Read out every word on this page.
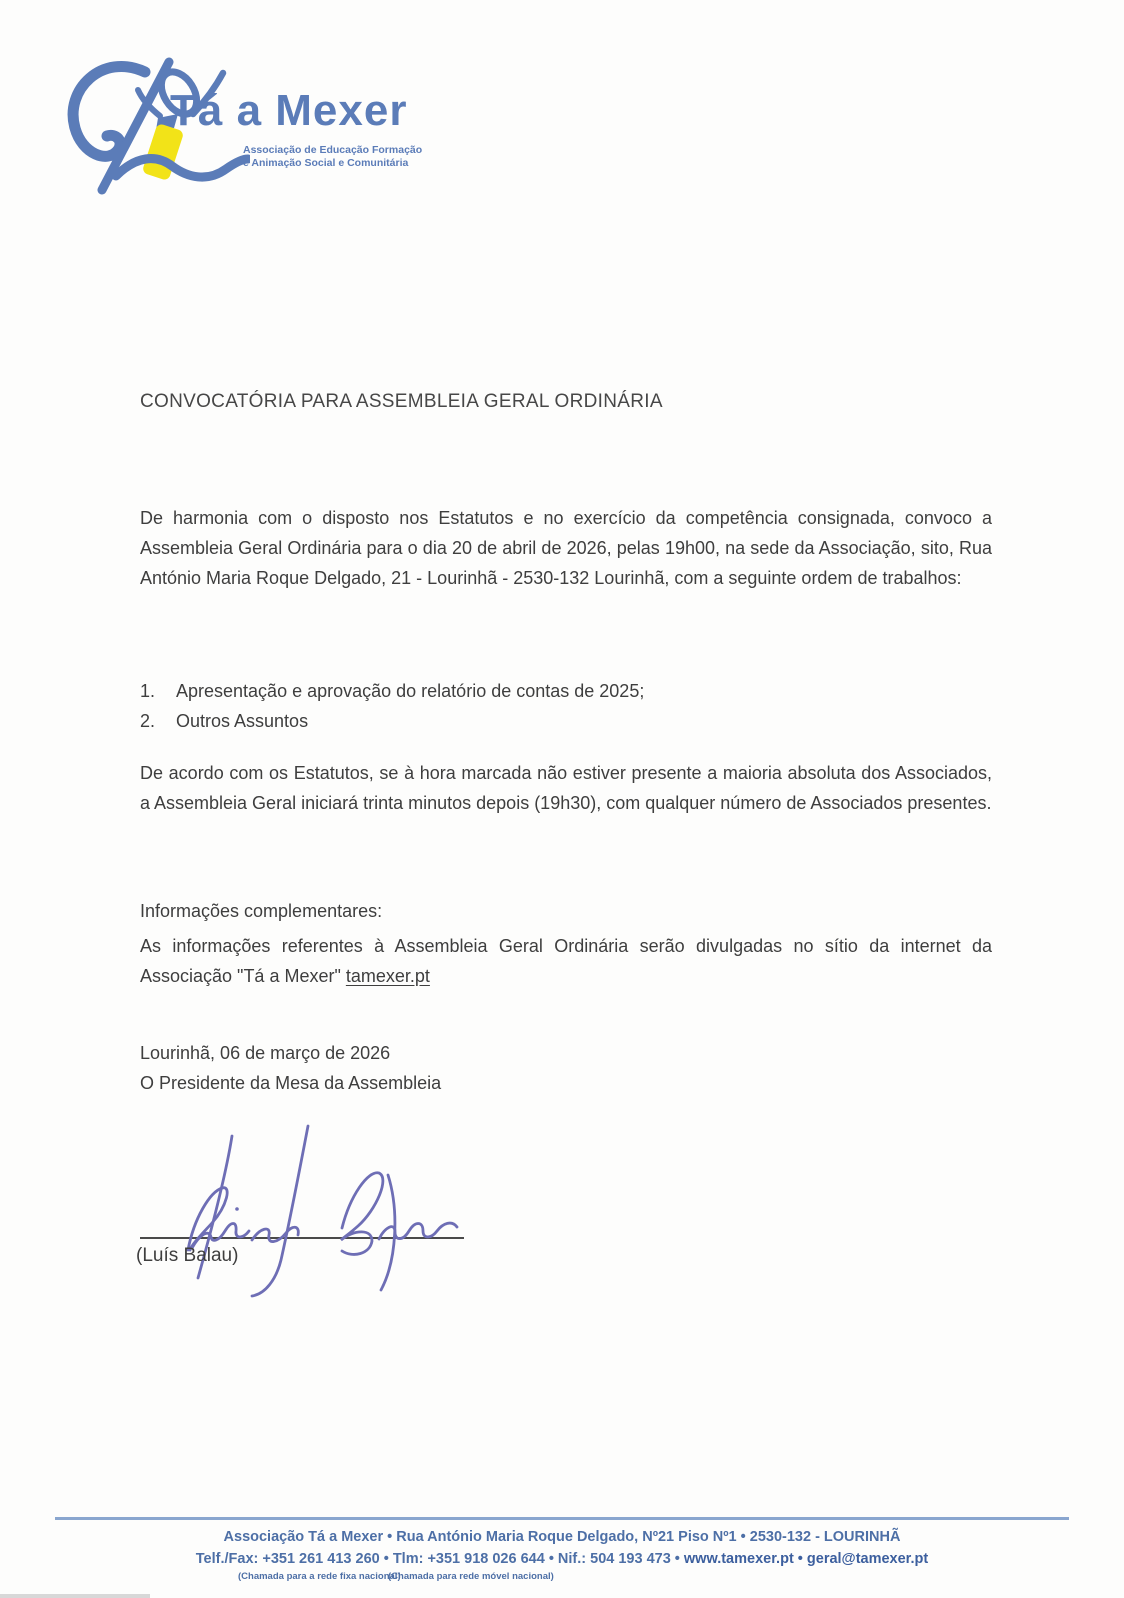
Tá a Mexer
Associação de Educação Formação
e Animação Social e Comunitária
CONVOCATÓRIA PARA ASSEMBLEIA GERAL ORDINÁRIA
De harmonia com o disposto nos Estatutos e no exercício da competência consignada, convoco a Assembleia Geral Ordinária para o dia 20 de abril de 2026, pelas 19h00, na sede da Associação, sito, Rua António Maria Roque Delgado, 21 - Lourinhã - 2530-132 Lourinhã, com a seguinte ordem de trabalhos:
1.	Apresentação e aprovação do relatório de contas de 2025;
2.	Outros Assuntos
De acordo com os Estatutos, se à hora marcada não estiver presente a maioria absoluta dos Associados, a Assembleia Geral iniciará trinta minutos depois (19h30), com qualquer número de Associados presentes.
Informações complementares:
As informações referentes à Assembleia Geral Ordinária serão divulgadas no sítio da internet da Associação "Tá a Mexer" tamexer.pt
Lourinhã, 06 de março de 2026
O Presidente da Mesa da Assembleia
(Luís Balau)
Associação Tá a Mexer • Rua António Maria Roque Delgado, Nº21 Piso Nº1 • 2530-132 - LOURINHÃ
Telf./Fax: +351 261 413 260 • Tlm: +351 918 026 644 • Nif.: 504 193 473 • www.tamexer.pt • geral@tamexer.pt
(Chamada para a rede fixa nacional)
(Chamada para rede móvel nacional)
